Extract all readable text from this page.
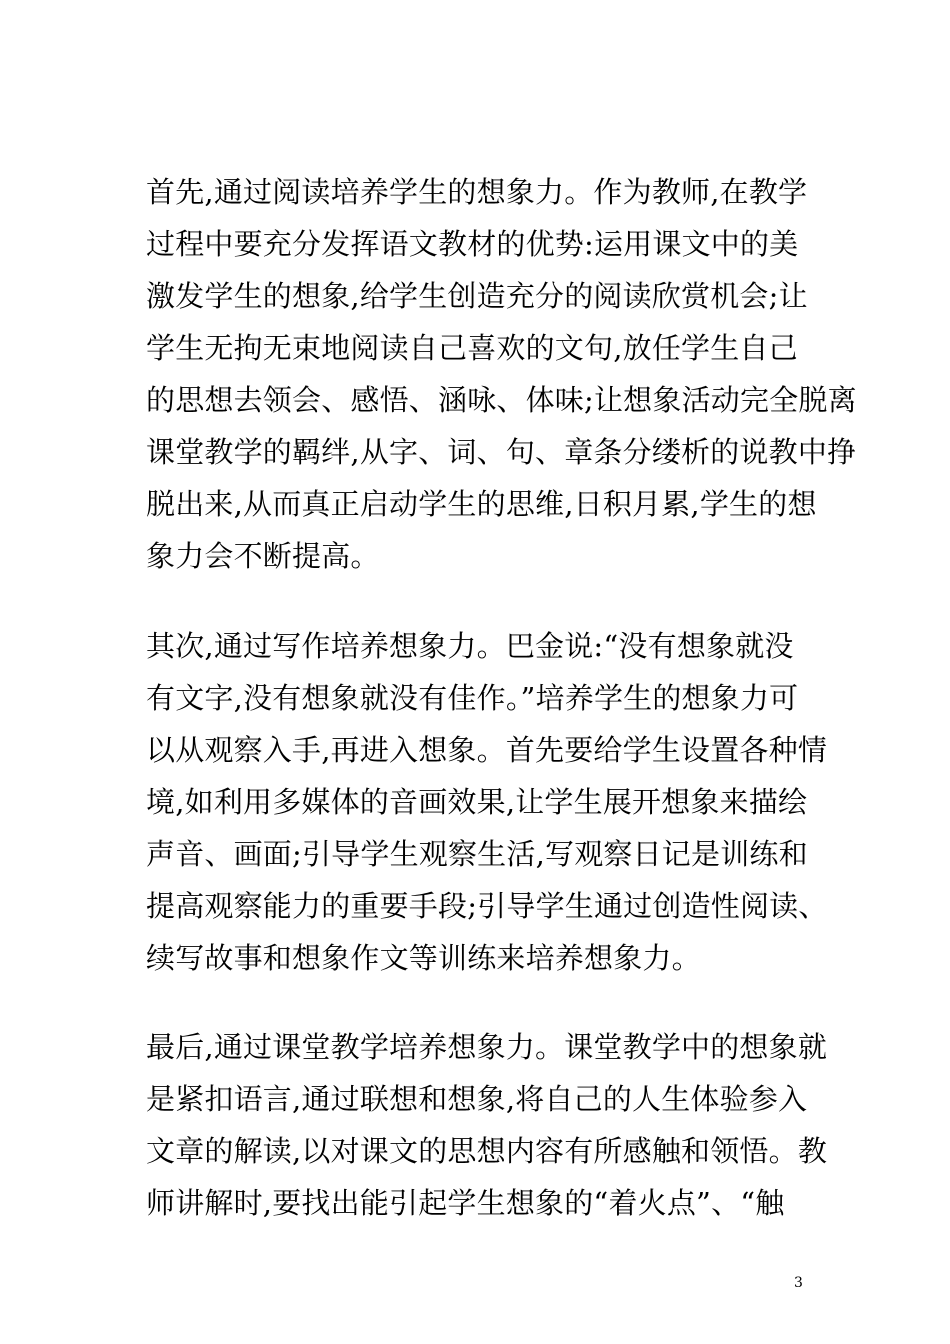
首先,通过阅读培养学生的想象力。作为教师,在教学
过程中要充分发挥语文教材的优势:运用课文中的美
激发学生的想象,给学生创造充分的阅读欣赏机会;让
学生无拘无束地阅读自己喜欢的文句,放任学生自己
的思想去领会、感悟、涵咏、体味;让想象活动完全脱离
课堂教学的羁绊,从字、词、句、章条分缕析的说教中挣
脱出来,从而真正启动学生的思维,日积月累,学生的想
象力会不断提高。
其次,通过写作培养想象力。巴金说:“没有想象就没
有文字,没有想象就没有佳作。”培养学生的想象力可
以从观察入手,再进入想象。首先要给学生设置各种情
境,如利用多媒体的音画效果,让学生展开想象来描绘
声音、画面;引导学生观察生活,写观察日记是训练和
提高观察能力的重要手段;引导学生通过创造性阅读、
续写故事和想象作文等训练来培养想象力。
最后,通过课堂教学培养想象力。课堂教学中的想象就
是紧扣语言,通过联想和想象,将自己的人生体验参入
文章的解读,以对课文的思想内容有所感触和领悟。教
师讲解时,要找出能引起学生想象的“着火点”、“触
3
